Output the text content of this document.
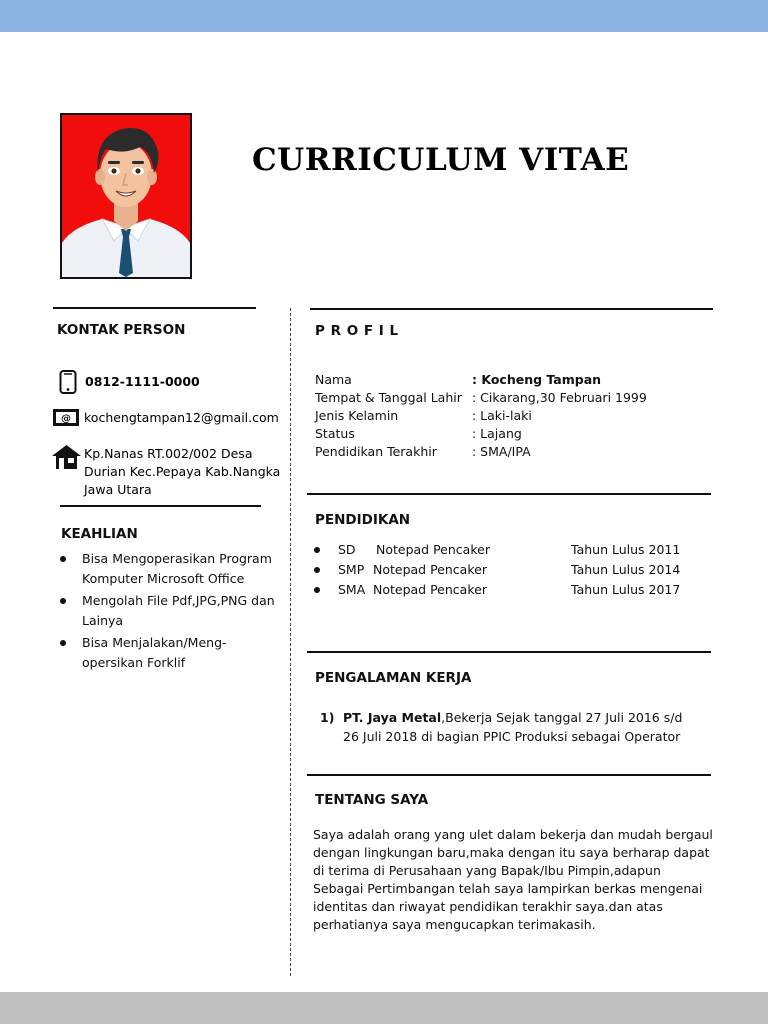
CURRICULUM VITAE
KONTAK PERSON
0812-1111-0000
@ kochengtampan12@gmail.com
Kp.Nanas RT.002/002 Desa
Durian Kec.Pepaya Kab.Nangka
Jawa Utara
KEAHLIAN
Bisa Mengoperasikan Program
Komputer Microsoft Office
Mengolah File Pdf,JPG,PNG dan
Lainya
Bisa Menjalakan/Meng-
opersikan Forklif
P R O F I L
Nama	: Kocheng Tampan
Tempat & Tanggal Lahir : Cikarang,30 Februari 1999
Jenis Kelamin	: Laki-laki
Status	: Lajang
Pendidikan Terakhir	: SMA/IPA
PENDIDIKAN
SD	Notepad Pencaker	Tahun Lulus 2011
SMP Notepad Pencaker	Tahun Lulus 2014
SMA Notepad Pencaker	Tahun Lulus 2017
PENGALAMAN KERJA
1) PT. Jaya Metal,Bekerja Sejak tanggal 27 Juli 2016 s/d 26 Juli 2018 di bagian PPIC Produksi sebagai Operator
TENTANG SAYA
Saya adalah orang yang ulet dalam bekerja dan mudah bergaul
dengan lingkungan baru,maka dengan itu saya berharap dapat
di terima di Perusahaan yang Bapak/Ibu Pimpin,adapun
Sebagai Pertimbangan telah saya lampirkan berkas mengenai
identitas dan riwayat pendidikan terakhir saya.dan atas
perhatianya saya mengucapkan terimakasih.
